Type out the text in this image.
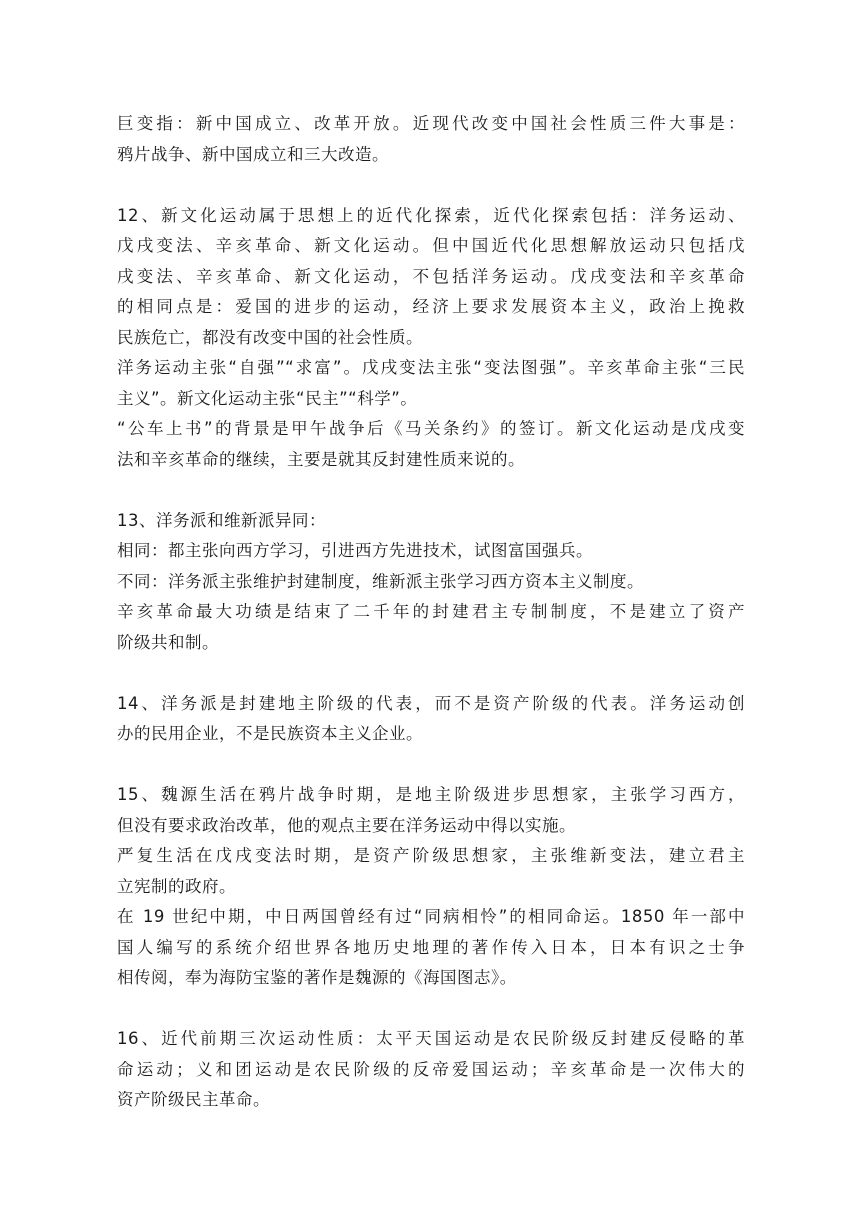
巨变指：新中国成立、改革开放。近现代改变中国社会性质三件大事是：
鸦片战争、新中国成立和三大改造。
12、新文化运动属于思想上的近代化探索，近代化探索包括：洋务运动、
戊戌变法、辛亥革命、新文化运动。但中国近代化思想解放运动只包括戊
戌变法、辛亥革命、新文化运动，不包括洋务运动。戊戌变法和辛亥革命
的相同点是：爱国的进步的运动，经济上要求发展资本主义，政治上挽救
民族危亡，都没有改变中国的社会性质。
洋务运动主张“自强”“求富”。戊戌变法主张“变法图强”。辛亥革命主张“三民
主义”。新文化运动主张“民主”“科学”。
“公车上书”的背景是甲午战争后《马关条约》的签订。新文化运动是戊戌变
法和辛亥革命的继续，主要是就其反封建性质来说的。
13、洋务派和维新派异同：
相同：都主张向西方学习，引进西方先进技术，试图富国强兵。
不同：洋务派主张维护封建制度，维新派主张学习西方资本主义制度。
辛亥革命最大功绩是结束了二千年的封建君主专制制度，不是建立了资产
阶级共和制。
14、洋务派是封建地主阶级的代表，而不是资产阶级的代表。洋务运动创
办的民用企业，不是民族资本主义企业。
15、魏源生活在鸦片战争时期，是地主阶级进步思想家，主张学习西方，
但没有要求政治改革，他的观点主要在洋务运动中得以实施。
严复生活在戊戌变法时期，是资产阶级思想家，主张维新变法，建立君主
立宪制的政府。
在 19 世纪中期，中日两国曾经有过“同病相怜”的相同命运。1850 年一部中
国人编写的系统介绍世界各地历史地理的著作传入日本，日本有识之士争
相传阅，奉为海防宝鉴的著作是魏源的《海国图志》。
16、近代前期三次运动性质：太平天国运动是农民阶级反封建反侵略的革
命运动；义和团运动是农民阶级的反帝爱国运动；辛亥革命是一次伟大的
资产阶级民主革命。
